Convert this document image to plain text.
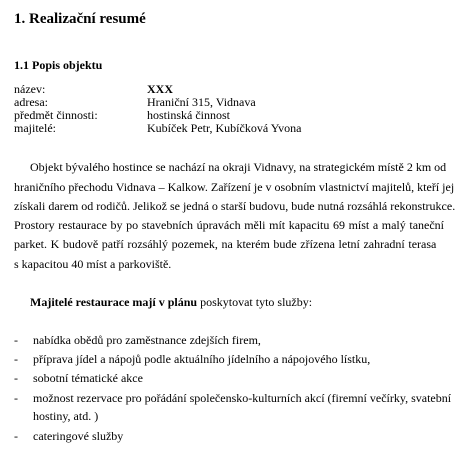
1. Realizační resumé
1.1 Popis objektu
název:	XXX
adresa:	Hraniční 315, Vidnava
předmět činnosti:	hostinská činnost
majitelé:	Kubíček Petr, Kubíčková Yvona
Objekt bývalého hostince se nachází na okraji Vidnavy, na strategickém místě 2 km od
hraničního přechodu Vidnava – Kalkow. Zařízení je v osobním vlastnictví majitelů, kteří jej
získali darem od rodičů. Jelikož se jedná o starší budovu, bude nutná rozsáhlá rekonstrukce.
Prostory restaurace by po stavebních úpravách měli mít kapacitu 69 míst a malý taneční
parket. K budově patří rozsáhlý pozemek, na kterém bude zřízena letní zahradní terasa
s kapacitou 40 míst a parkoviště.
Majitelé restaurace mají v plánu poskytovat tyto služby:
- nabídka obědů pro zaměstnance zdejších firem,
- příprava jídel a nápojů podle aktuálního jídelního a nápojového lístku,
- sobotní tématické akce
- možnost rezervace pro pořádání společensko-kulturních akcí (firemní večírky, svatební
hostiny, atd. )
- cateringové služby
